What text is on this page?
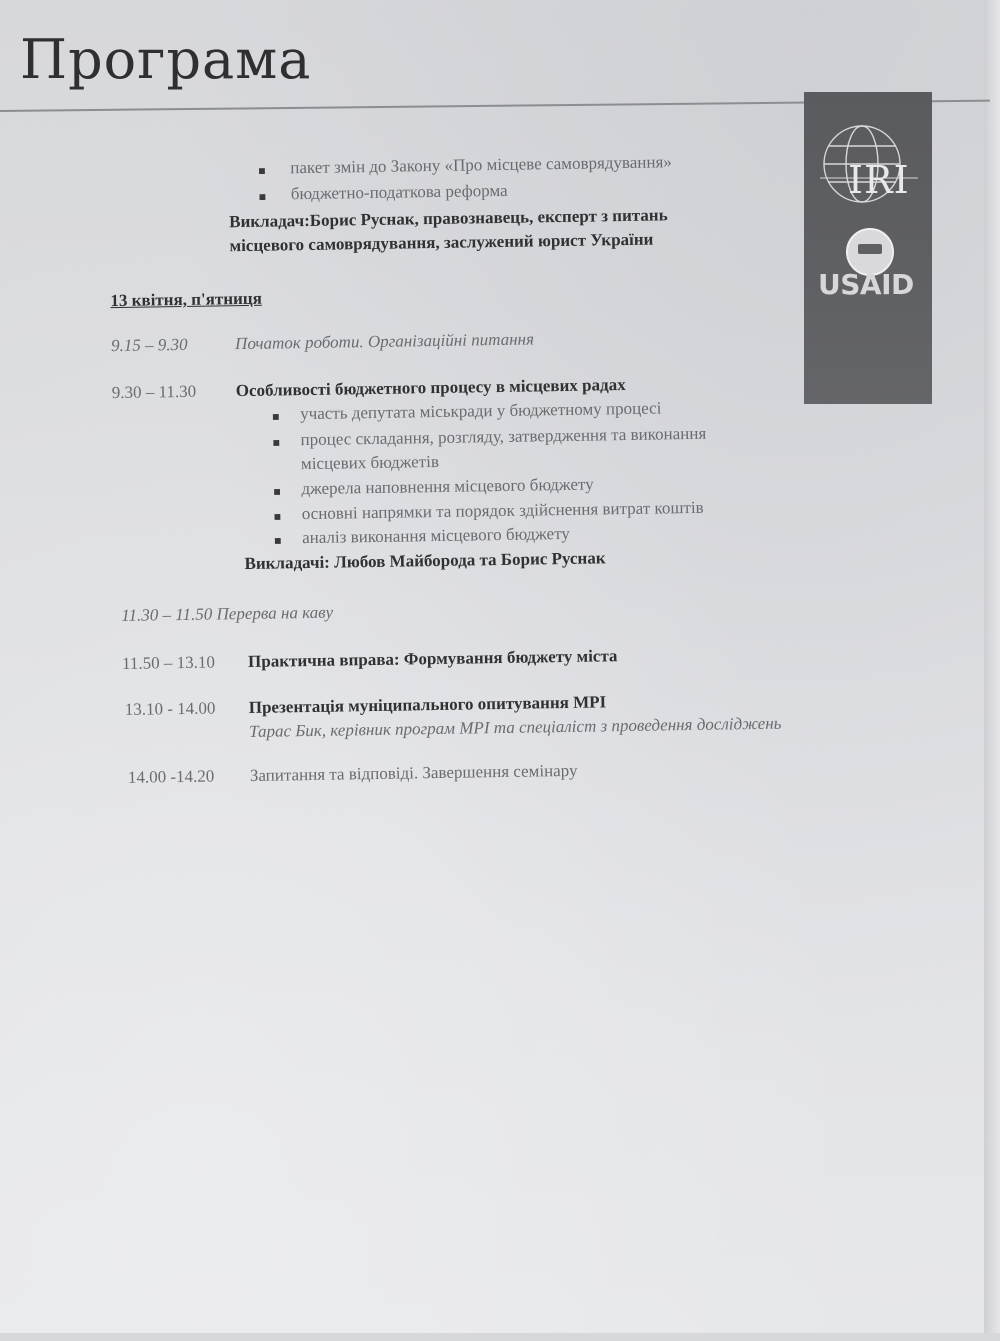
Програма
IRI
USAID
■ пакет змін до Закону «Про місцеве самоврядування»
■ бюджетно-податкова реформа
Викладач:Борис Руснак, правознавець, експерт з питань
місцевого самоврядування, заслужений юрист України
13 квітня, п'ятниця
9.15 – 9.30	Початок роботи. Організаційні питання
9.30 – 11.30 Особливості бюджетного процесу в місцевих радах
■ участь депутата міськради у бюджетному процесі
■ процес складання, розгляду, затвердження та виконання
місцевих бюджетів
■ джерела наповнення місцевого бюджету
■ основні напрямки та порядок здійснення витрат коштів
■ аналіз виконання місцевого бюджету
Викладачі: Любов Майборода та Борис Руснак
11.30 – 11.50 Перерва на каву
11.50 – 13.10 Практична вправа: Формування бюджету міста
13.10 - 14.00 Презентація муніципального опитування МРІ
Тарас Бик, керівник програм МРІ та спеціаліст з проведення досліджень
14.00 -14.20 Запитання та відповіді. Завершення семінару
